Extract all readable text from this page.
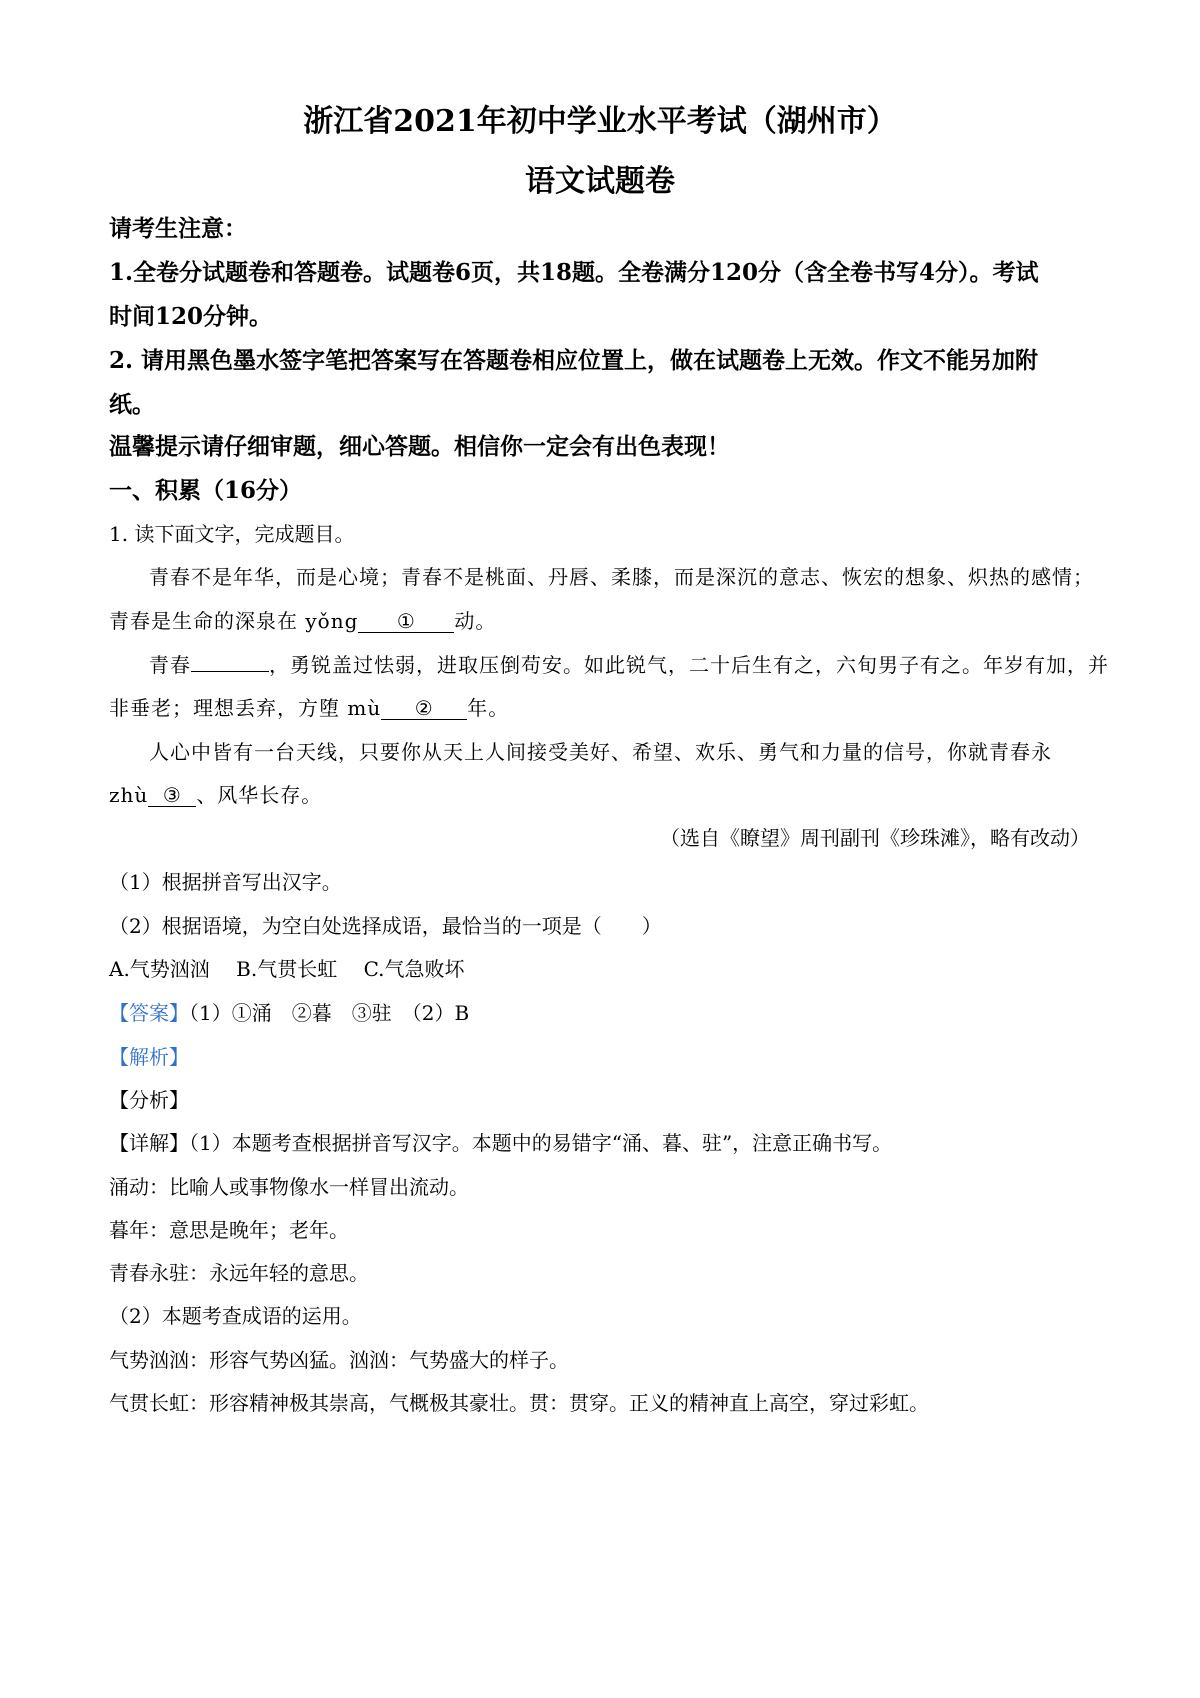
浙江省2021年初中学业水平考试（湖州市）
语文试题卷
请考生注意：
1.全卷分试题卷和答题卷。试题卷6页，共18题。全卷满分120分（含全卷书写4分）。考试
时间120分钟。
2. 请用黑色墨水签字笔把答案写在答题卷相应位置上，做在试题卷上无效。作文不能另加附
纸。
温馨提示请仔细审题，细心答题。相信你一定会有出色表现！
一、积累（16分）
1. 读下面文字，完成题目。
青春不是年华，而是心境；青春不是桃面、丹唇、柔膝，而是深沉的意志、恢宏的想象、炽热的感情；
青春是生命的深泉在 yǒng ① 动。
青春	，勇锐盖过怯弱，进取压倒苟安。如此锐气，二十后生有之，六旬男子有之。年岁有加，并
非垂老；理想丢弃，方堕 mù ② 年。
人心中皆有一台天线，只要你从天上人间接受美好、希望、欢乐、勇气和力量的信号，你就青春永
zhù ③ 、风华长存。
（选自《瞭望》周刊副刊《珍珠滩》，略有改动）
（1）根据拼音写出汉字。
（2）根据语境，为空白处选择成语，最恰当的一项是（　　）
A.气势汹汹　 B.气贯长虹　 C.气急败坏
【答案】（1）①涌　②暮　③驻　（2）B
【解析】
【分析】
【详解】（1）本题考查根据拼音写汉字。本题中的易错字“涌、暮、驻”，注意正确书写。
涌动：比喻人或事物像水一样冒出流动。
暮年：意思是晚年；老年。
青春永驻：永远年轻的意思。
（2）本题考查成语的运用。
气势汹汹：形容气势凶猛。汹汹：气势盛大的样子。
气贯长虹：形容精神极其崇高，气概极其豪壮。贯：贯穿。正义的精神直上高空，穿过彩虹。
